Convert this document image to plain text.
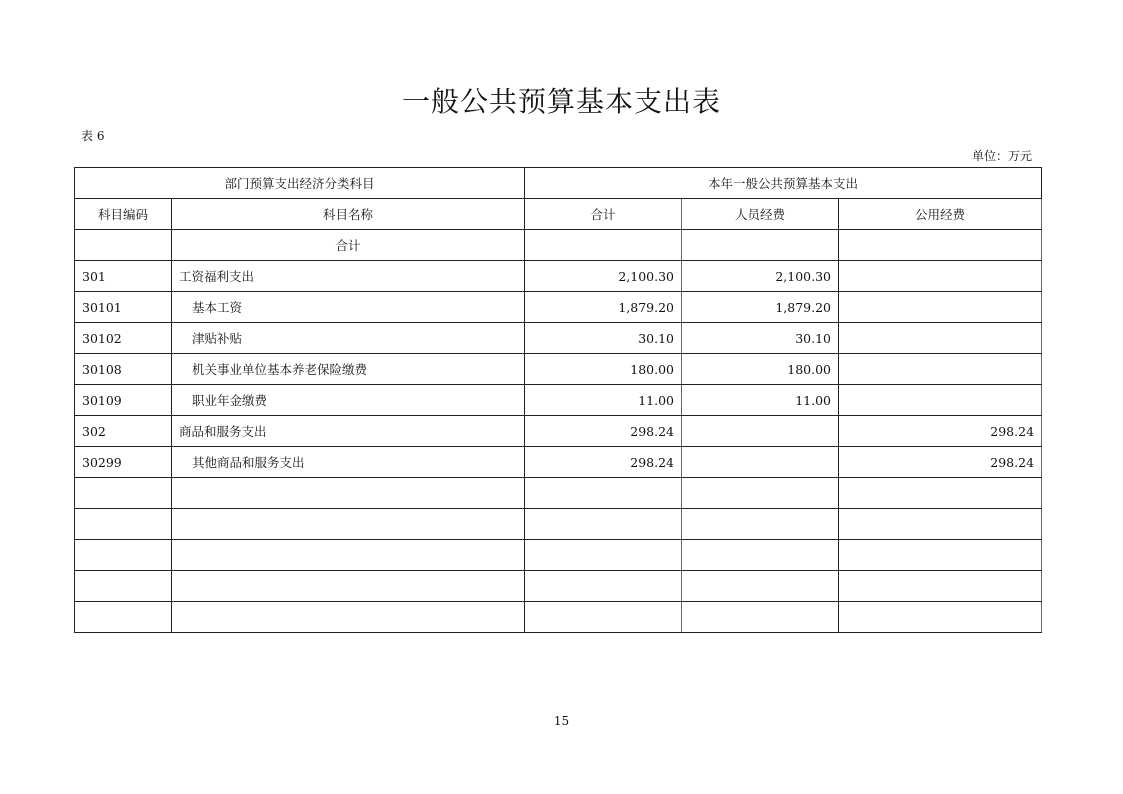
一般公共预算基本支出表
表 6
单位：万元
部门预算支出经济分类科目		本年一般公共预算基本支出		
科目编码	科目名称	合计	人员经费	公用经费
	合计			
301	工资福利支出	2,100.30	2,100.30	
30101	基本工资	1,879.20	1,879.20	
30102	津贴补贴	30.10	30.10	
30108	机关事业单位基本养老保险缴费	180.00	180.00	
30109	职业年金缴费	11.00	11.00	
302	商品和服务支出	298.24		298.24
30299	其他商品和服务支出	298.24		298.24

15
